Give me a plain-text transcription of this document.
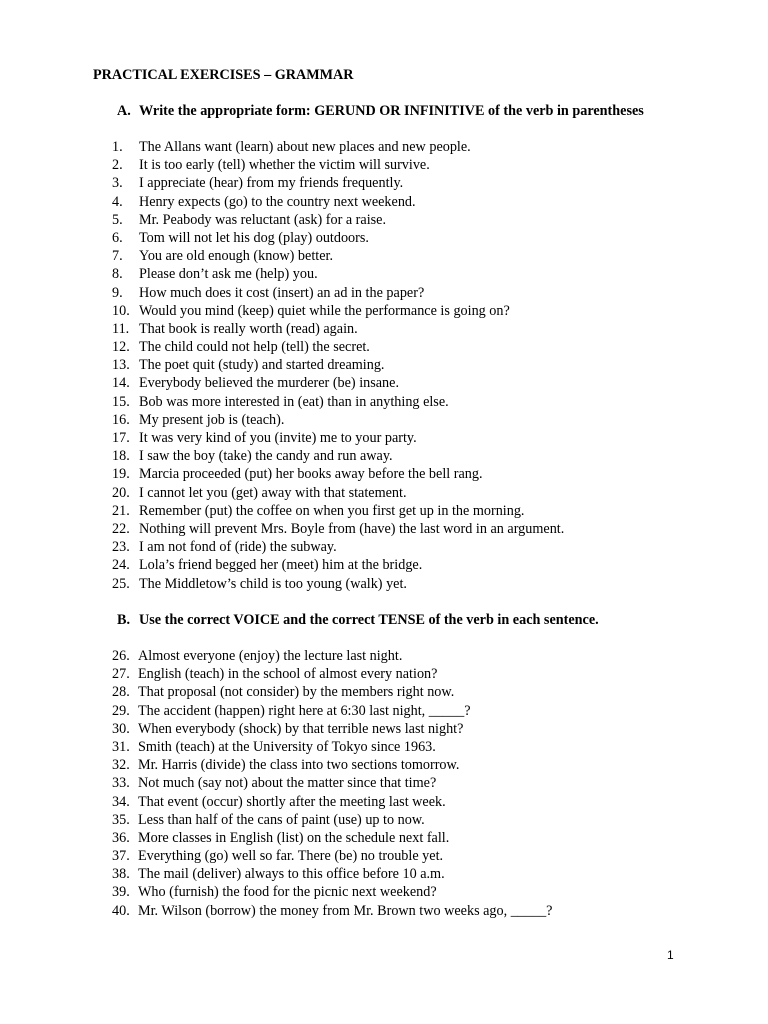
PRACTICAL EXERCISES – GRAMMAR
A. Write the appropriate form: GERUND OR INFINITIVE of the verb in parentheses
1. The Allans want (learn) about new places and new people.
2. It is too early (tell) whether the victim will survive.
3. I appreciate (hear) from my friends frequently.
4. Henry expects (go) to the country next weekend.
5. Mr. Peabody was reluctant (ask) for a raise.
6. Tom will not let his dog (play) outdoors.
7. You are old enough (know) better.
8. Please don’t ask me (help) you.
9. How much does it cost (insert) an ad in the paper?
10. Would you mind (keep) quiet while the performance is going on?
11. That book is really worth (read) again.
12. The child could not help (tell) the secret.
13. The poet quit (study) and started dreaming.
14. Everybody believed the murderer (be) insane.
15. Bob was more interested in (eat) than in anything else.
16. My present job is (teach).
17. It was very kind of you (invite) me to your party.
18. I saw the boy (take) the candy and run away.
19. Marcia proceeded (put) her books away before the bell rang.
20. I cannot let you (get) away with that statement.
21. Remember (put) the coffee on when you first get up in the morning.
22. Nothing will prevent Mrs. Boyle from (have) the last word in an argument.
23. I am not fond of (ride) the subway.
24. Lola’s friend begged her (meet) him at the bridge.
25. The Middletow’s child is too young (walk) yet.
B. Use the correct VOICE and the correct TENSE of the verb in each sentence.
26. Almost everyone (enjoy) the lecture last night.
27. English (teach) in the school of almost every nation?
28. That proposal (not consider) by the members right now.
29. The accident (happen) right here at 6:30 last night, _____?
30. When everybody (shock) by that terrible news last night?
31. Smith (teach) at the University of Tokyo since 1963.
32. Mr. Harris (divide) the class into two sections tomorrow.
33. Not much (say not) about the matter since that time?
34. That event (occur) shortly after the meeting last week.
35. Less than half of the cans of paint (use) up to now.
36. More classes in English (list) on the schedule next fall.
37. Everything (go) well so far. There (be) no trouble yet.
38. The mail (deliver) always to this office before 10 a.m.
39. Who (furnish) the food for the picnic next weekend?
40. Mr. Wilson (borrow) the money from Mr. Brown two weeks ago, _____?
1
